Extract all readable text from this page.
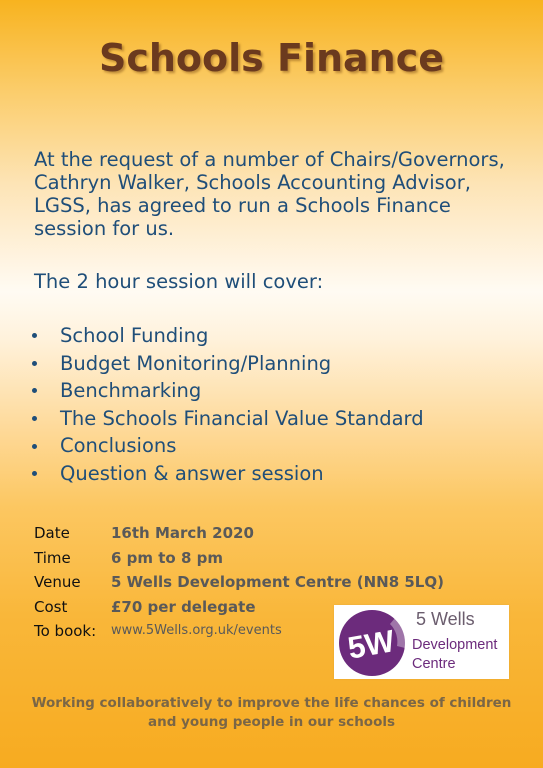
Schools Finance
At the request of a number of Chairs/Governors, Cathryn Walker, Schools Accounting Advisor, LGSS, has agreed to run a Schools Finance session for us.
The 2 hour session will cover:
School Funding
Budget Monitoring/Planning
Benchmarking
The Schools Financial Value Standard
Conclusions
Question & answer session
Date	16th March 2020
Time	6 pm to 8 pm
Venue	5 Wells Development Centre (NN8 5LQ)
Cost	£70 per delegate
To book:	www.5Wells.org.uk/events 5W
5 Wells
Development
Centre
Working collaboratively to improve the life chances of children
and young people in our schools
